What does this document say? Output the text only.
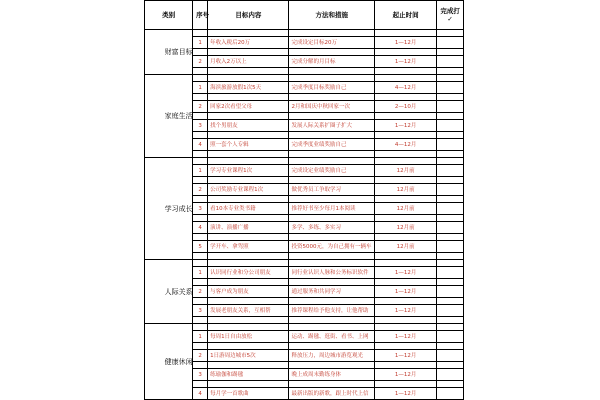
类别	序号	目标内容	方法和措施	起止时间	完成打✓

财富目标					

	1	年收入税后20万	完成设定目标20万	1—12月	

	2	月收入2万以上	完成分解的月目标	1—12月	

家庭生活					

	1	海滨旅游放假1次5天	完成季度目标奖励自己	4—12月	

	2	回家2次看望父母	2月和国庆中秋回家一次	2—10月	

	3	找个男朋友	发展人际关系扩圈子扩大	1—12月	

	4	照一套个人专辑	完成季度业绩奖励自己	4—12月	

学习成长					

	1	学习专业课程1次	完成设定业绩奖励自己	12月前	

	2	公司奖励专业课程1次	做优秀员工争取学习	12月前	

	3	看10本专业类书籍	推荐好书至少每月1本阅读	12月前	

	4	演讲、演播广播	多学、多练、多实习	12月前	

	5	学开车、拿驾照	投资5000元，为自己拥有一辆车	12月前	

人际关系					

	1	认识同行业和分公司朋友	同行业认识人脉和公务标识软件	1—12月	

	2	与客户成为朋友	通过服务和共同学习	1—12月	

	3	发展老朋友关系，互相帮	推荐课程给予他支持，让他帮助	1—12月	

健康休闲					

	1	每周1日自由放松	运动、踢毽、逛街、看书、上网	1—12月	

	2	1日游周边城市5次	释放压力，周边城市游览观光	1—12月	

	3	练瑜伽和踢毽	晚上成周末勤练身体	1—12月	

	4	每月学一首歌曲	最新出版的新歌，跟上时代上信	1—12月	
